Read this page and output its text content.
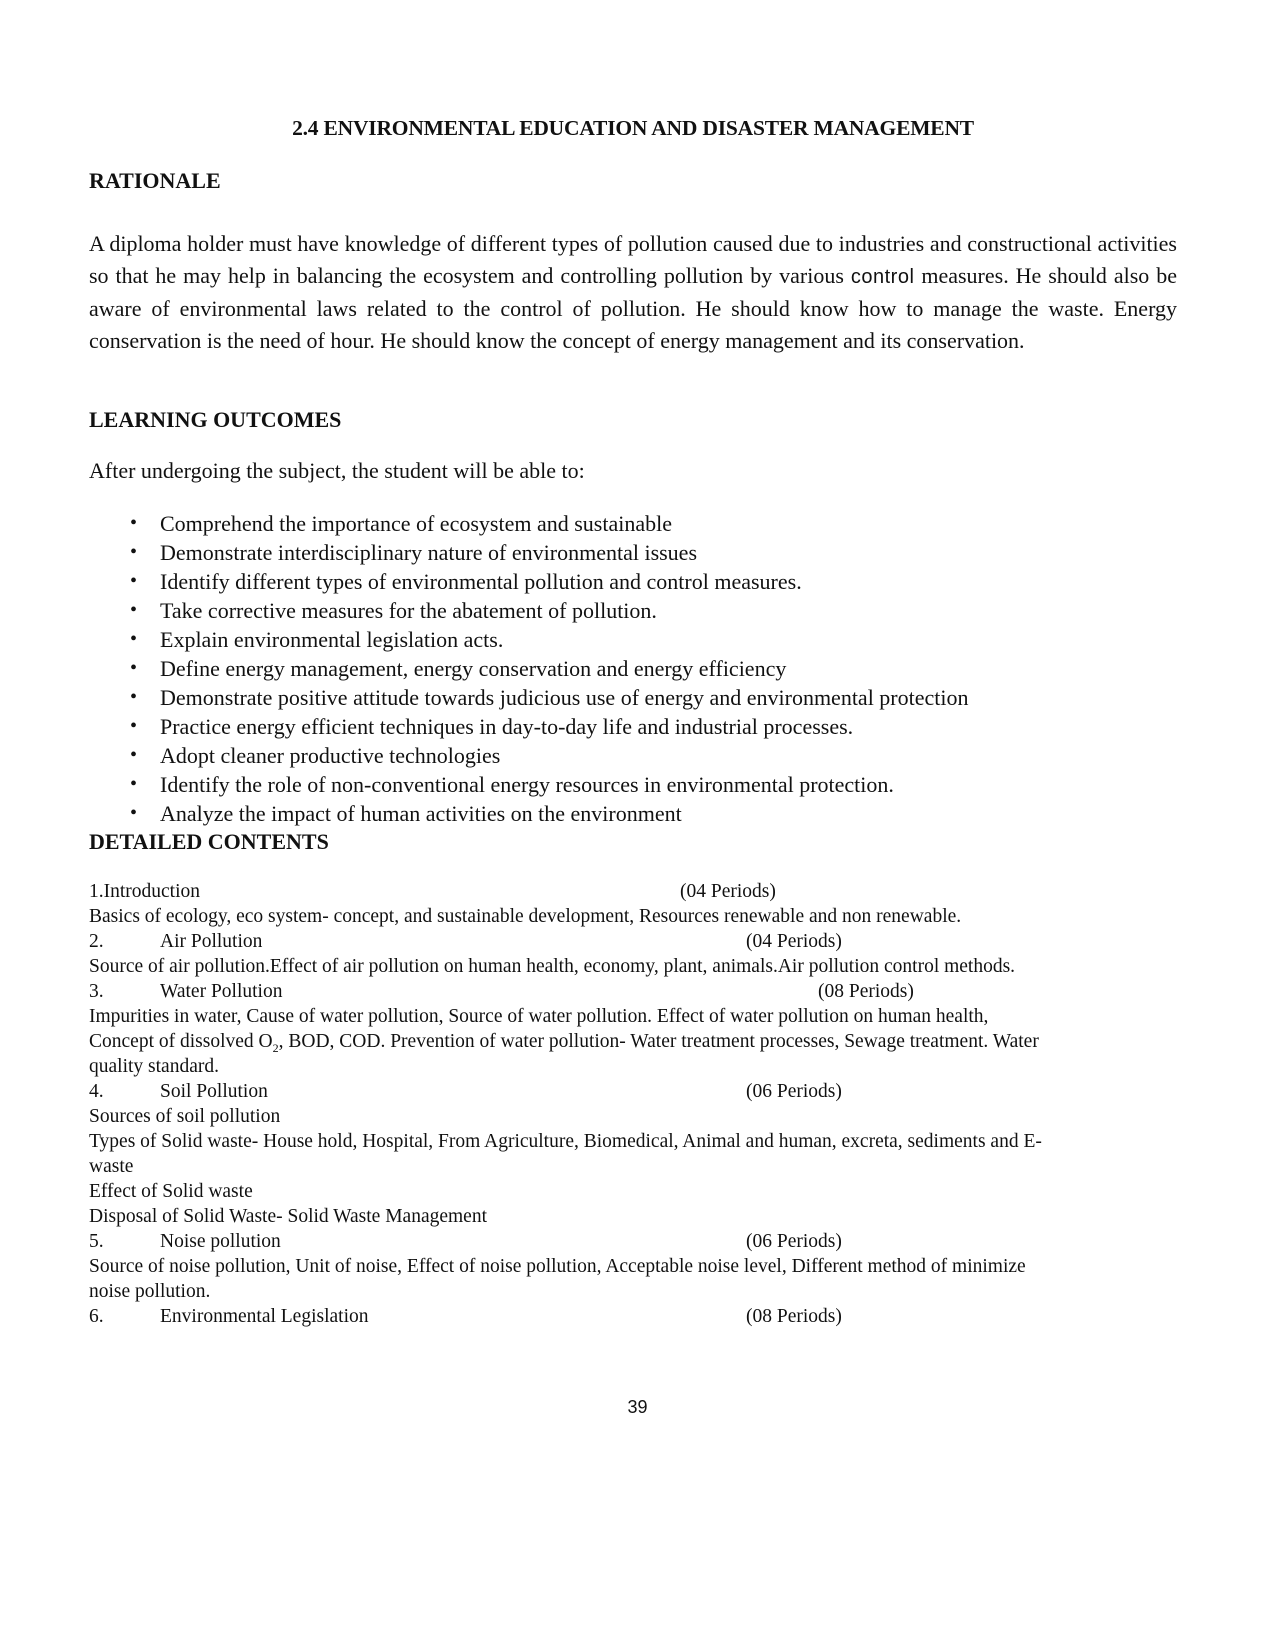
2.4 ENVIRONMENTAL EDUCATION AND DISASTER MANAGEMENT
RATIONALE
A diploma holder must have knowledge of different types of pollution caused due to industries and constructional activities so that he may help in balancing the ecosystem and controlling pollution by various control measures. He should also be aware of environmental laws related to the control of pollution. He should know how to manage the waste. Energy conservation is the need of hour. He should know the concept of energy management and its conservation.
LEARNING OUTCOMES
After undergoing the subject, the student will be able to:
• Comprehend the importance of ecosystem and sustainable
• Demonstrate interdisciplinary nature of environmental issues
• Identify different types of environmental pollution and control measures.
• Take corrective measures for the abatement of pollution.
• Explain environmental legislation acts.
• Define energy management, energy conservation and energy efficiency
• Demonstrate positive attitude towards judicious use of energy and environmental protection
• Practice energy efficient techniques in day-to-day life and industrial processes.
• Adopt cleaner productive technologies
• Identify the role of non-conventional energy resources in environmental protection.
• Analyze the impact of human activities on the environment
DETAILED CONTENTS
1.Introduction	(04 Periods)
Basics of ecology, eco system- concept, and sustainable development, Resources renewable and non renewable.
2.	Air Pollution	(04 Periods)
Source of air pollution.Effect of air pollution on human health, economy, plant, animals.Air pollution control methods.
3.	Water Pollution	(08 Periods)
Impurities in water, Cause of water pollution, Source of water pollution. Effect of water pollution on human health,
Concept of dissolved $O_2$, BOD, COD. Prevention of water pollution- Water treatment processes, Sewage treatment. Water
quality standard.
4.	Soil Pollution	(06 Periods)
Sources of soil pollution
Types of Solid waste- House hold, Hospital, From Agriculture, Biomedical, Animal and human, excreta, sediments and E-
waste
Effect of Solid waste
Disposal of Solid Waste- Solid Waste Management
5.	Noise pollution	(06 Periods)
Source of noise pollution, Unit of noise, Effect of noise pollution, Acceptable noise level, Different method of minimize
noise pollution.
6.	Environmental Legislation	(08 Periods)
39
